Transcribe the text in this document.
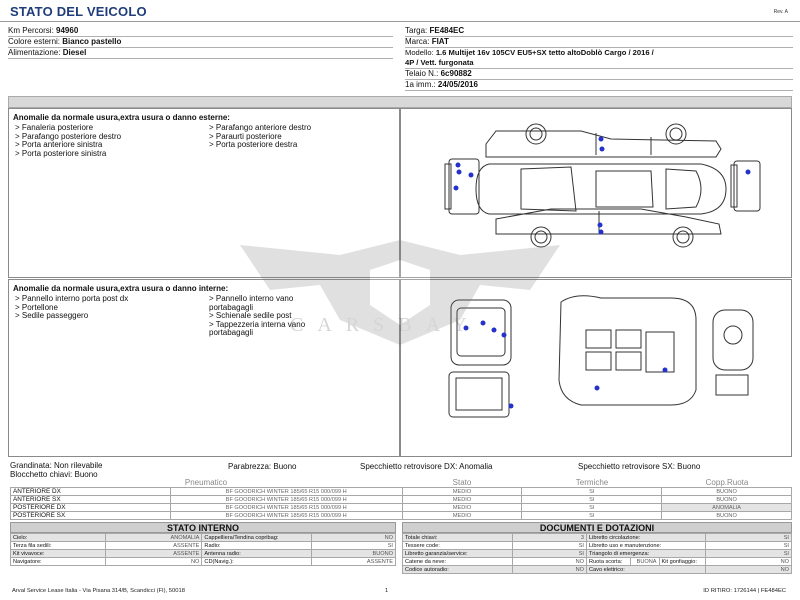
STATO DEL VEICOLO	Rev. A
Km Percorsi: 94960
Colore esterni: Bianco pastello
Alimentazione: Diesel
Targa: FE484EC
Marca: FIAT
Modello: 1.6 Multijet 16v 105CV EU5+SX tetto altoDoblò Cargo / 2016 /
4P / Vett. furgonata
Telaio N.: 6c90882
1a imm.: 24/05/2016
Anomalie da normale usura,extra usura o danno esterne:
> Fanaleria posteriore
> Parafango posteriore destro
> Porta anteriore sinistra
> Porta posteriore sinistra
> Parafango anteriore destro
> Paraurti posteriore
> Porta posteriore destra
Anomalie da normale usura,extra usura o danno interne:
> Pannello interno porta post dx
> Portellone
> Sedile passeggero
> Pannello interno vano
portabagagli
> Schienale sedile post
> Tappezzeria interna vano
portabagagli	CARSBAY
Grandinata: Non rilevabile
Blocchetto chiavi: Buono
Parabrezza: Buono	Specchietto retrovisore DX: Anomalia	Specchietto retrovisore SX: Buono
Pneumatico	Stato	Termiche	Copp.Ruota
ANTERIORE DX	BF GOODRICH WINTER 185/65 R15 000/099 H	MEDIO	SI	BUONO
ANTERIORE SX	BF GOODRICH WINTER 185/65 R15 000/099 H	MEDIO	SI	BUONO
POSTERIORE DX	BF GOODRICH WINTER 185/65 R15 000/099 H	MEDIO	SI	ANOMALIA
POSTERIORE SX	BF GOODRICH WINTER 185/65 R15 000/099 H	MEDIO	SI	BUONO
STATO INTERNO
Cielo:	ANOMALIA	Cappelliera/Tendina copribag:	NO
Terza fila sedili:	ASSENTE	Radio:	SI
Kit vivavoce:	ASSENTE	Antenna radio:	BUONO
Navigatore:	NO	CD(Navig.):	ASSENTE
DOCUMENTI E DOTAZIONI
Totale chiavi:	3	Libretto circolazione:			SI
Tessere code:	SI	Libretto uso e manutenzione:			SI
Libretto garanzia/service:	SI	Triangolo di emergenza:			SI
Catene da neve:	NO	Ruota scorta:	BUONA	Kit gonfiaggio:	NO
Codice autoradio:	NO	Cavo elettrico:			NO
Arval Service Lease Italia - Via Pisana 314/B, Scandicci (FI), 50018	1	ID RITIRO: 1726144 | FE484EC
